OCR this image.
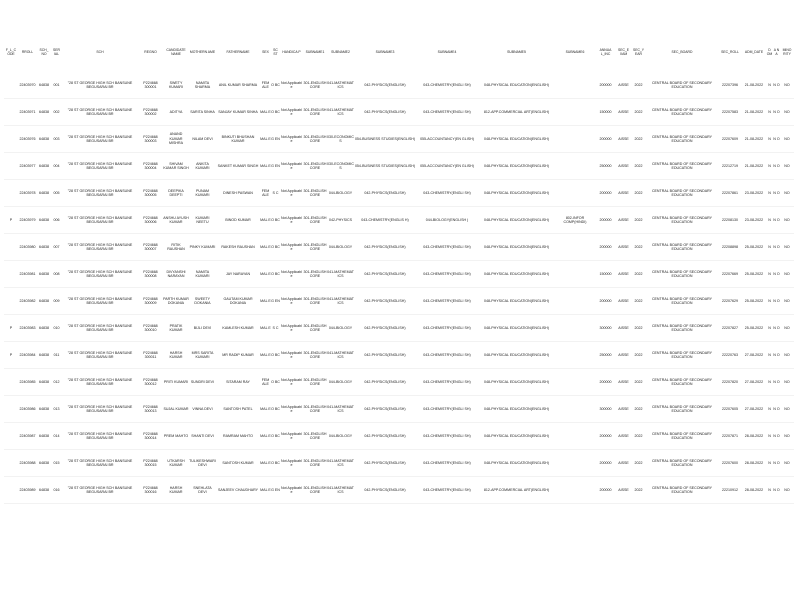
F_L_C ODE	RROLL	SCH_ NO	SER IAL	SCH	REGNO	CANDIDATE NAME	MOTHERN AME	FATHERNAME	SEX	SC ST	HANDICA P	SUBNAME1	SUBNAME2	SUBNAME3	SUBNAME4	SUBNAME5	SUBNAME6	ANNUA L_INC	SEC_E XAM	SEC_Y EAR	SEC_BOARD	SEC_ROLL	ADM_DATE	D OM	A N A	MINO RITY
	22403970	64838	001	"28 ST GEORGE HIGH SCH BANSUNE BEGUSARAI BR	P224668 300001	SWETY KUMARI	NAMITA SHARMA	ANIL KUMAR SHARMA	FEM ALE	O BC	Not Applicabl e	301-ENGLISH CORE	041-MATHEMAT ICS	042-PHYSICS(ENGLISH)	043-CHEMISTRY(ENGLI SH)	048-PHYSICAL EDUCATION(ENGLISH)		200000	AISSE	2022	CENTRAL BOARD OF SECONDARY EDUCATION	22207396	21-08-2022	N	N O	NO
	22403971	64838	002	"28 ST GEORGE HIGH SCH BANSUNE BEGUSARAI BR	P224668 300002	ADITYA	SARITA SINHA	SANJAY KUMAR SINHA	MAL E	O BC	Not Applicabl e	301-ENGLISH CORE	041-MATHEMAT ICS	042-PHYSICS(ENGLISH)	043-CHEMISTRY(ENGLI SH)	812-APP.COMMERCIAL ART(ENGLISH)		150000	AISSE	2022	CENTRAL BOARD OF SECONDARY EDUCATION	22207583	21-08-2022	N	N O	NO
	22403976	64838	003	"28 ST GEORGE HIGH SCH BANSUNE BEGUSARAI BR	P224668 300003	ANAND KUMAR MISHRA	NILAM DEVI	BINKUTI BHUSHAN KUMAR	MAL E	G EN	Not Applicabl e	301-ENGLISH CORE	030-ECONOMIC S	054-BUSINESS STUDIES(ENGLISH)	055-ACCOUNTANCY(EN GLISH)	048-PHYSICAL EDUCATION(ENGLISH)		200000	AISSE	2022	CENTRAL BOARD OF SECONDARY EDUCATION	22207609	21-08-2022	N	N O	NO
	22403977	64838	004	"28 ST GEORGE HIGH SCH BANSUNE BEGUSARAI BR	P224668 300004	SHIVAM KUMAR SINGH	ANKITA KUMARI	SANKET KUMAR SINGH	MAL E	G EN	Not Applicabl e	301-ENGLISH CORE	030-ECONOMIC S	054-BUSINESS STUDIES(ENGLISH)	055-ACCOUNTANCY(EN GLISH)	048-PHYSICAL EDUCATION(ENGLISH)		250000	AISSE	2022	CENTRAL BOARD OF SECONDARY EDUCATION	22212719	21-08-2022	N	N O	NO
	22403978	64838	005	"28 ST GEORGE HIGH SCH BANSUNE BEGUSARAI BR	P224668 300005	DEEPIKA DEEPTI	PUNAM KUMARI	DINESH PASWAN	FEM ALE	S C	Not Applicabl e	301-ENGLISH CORE	044-BIOLOGY	042-PHYSICS(ENGLISH)	043-CHEMISTRY(ENGLI SH)	048-PHYSICAL EDUCATION(ENGLISH)		200000	AISSE	2022	CENTRAL BOARD OF SECONDARY EDUCATION	22207861	23-08-2022	N	N O	NO
P	22403979	64838	006	"28 ST GEORGE HIGH SCH BANSUNE BEGUSARAI BR	P224668 300006	ANSHU AYUSH KUMAR	KUMARI NEETU	BINOD KUMAR	MAL E	O BC	Not Applicabl e	301-ENGLISH CORE	042-PHYSICS	043-CHEMISTRY(ENGLIS H)	044-BIOLOGY(ENGLISH )	048-PHYSICAL EDUCATION(ENGLISH)	802-INFOR COMP(HINDI)	200000	AISSE	2022	CENTRAL BOARD OF SECONDARY EDUCATION	22208130	23-08-2022	N	N O	NO
	22403980	64838	007	"28 ST GEORGE HIGH SCH BANSUNE BEGUSARAI BR	P224668 300007	RITIK RAUSHAN	PINKY KUMARI	RAKESH RAUSHAN	MAL E	O BC	Not Applicabl e	301-ENGLISH CORE	044-BIOLOGY	042-PHYSICS(ENGLISH)	043-CHEMISTRY(ENGLI SH)	048-PHYSICAL EDUCATION(ENGLISH)		200000	AISSE	2022	CENTRAL BOARD OF SECONDARY EDUCATION	22208898	25-08-2022	N	N O	NO
	22403981	64838	008	"28 ST GEORGE HIGH SCH BANSUNE BEGUSARAI BR	P224668 300008	DIVYANSHI NARAYAN	NAMITA KUMARI	JAY NARAYAN	MAL E	O BC	Not Applicabl e	301-ENGLISH CORE	041-MATHEMAT ICS	042-PHYSICS(ENGLISH)	043-CHEMISTRY(ENGLI SH)	048-PHYSICAL EDUCATION(ENGLISH)		150000	AISSE	2022	CENTRAL BOARD OF SECONDARY EDUCATION	22207669	25-08-2022	N	N O	NO
	22403982	64838	009	"28 ST GEORGE HIGH SCH BANSUNE BEGUSARAI BR	P224668 300009	PARTH KUMAR DOKANIA	SWEETY DOKANIA	GAUTAM KUMAR DOKANIA	MAL E	G EN	Not Applicabl e	301-ENGLISH CORE	041-MATHEMAT ICS	042-PHYSICS(ENGLISH)	043-CHEMISTRY(ENGLI SH)	048-PHYSICAL EDUCATION(ENGLISH)		200000	AISSE	2022	CENTRAL BOARD OF SECONDARY EDUCATION	22207629	25-08-2022	N	N O	NO
P	22403983	64838	010	"28 ST GEORGE HIGH SCH BANSUNE BEGUSARAI BR	P224668 300010	PRATIK KUMAR	BIJLI DEVI	KAMLESH KUMAR	MAL E	S C	Not Applicabl e	301-ENGLISH CORE	044-BIOLOGY	042-PHYSICS(ENGLISH)	043-CHEMISTRY(ENGLI SH)	048-PHYSICAL EDUCATION(ENGLISH)		300000	AISSE	2022	CENTRAL BOARD OF SECONDARY EDUCATION	22207827	25-08-2022	N	N O	NO
P	22403984	64838	011	"28 ST GEORGE HIGH SCH BANSUNE BEGUSARAI BR	P224668 300011	HARSH KUMAR	MRS SARITA KUMARI	MR RADIP KUMAR	MAL E	O BC	Not Applicabl e	301-ENGLISH CORE	041-MATHEMAT ICS	042-PHYSICS(ENGLISH)	043-CHEMISTRY(ENGLI SH)	048-PHYSICAL EDUCATION(ENGLISH)		250000	AISSE	2022	CENTRAL BOARD OF SECONDARY EDUCATION	22220763	27-08-2022	N	N O	NO
	22403985	64838	012	"28 ST GEORGE HIGH SCH BANSUNE BEGUSARAI BR	P224668 300012	PRITI KUMARI	SUNDRI DEVI	SITARAM RAY	FEM ALE	O BC	Not Applicabl e	301-ENGLISH CORE	044-BIOLOGY	042-PHYSICS(ENGLISH)	043-CHEMISTRY(ENGLI SH)	048-PHYSICAL EDUCATION(ENGLISH)		200000	AISSE	2022	CENTRAL BOARD OF SECONDARY EDUCATION	22207820	27-08-2022	N	N O	NO
	22403986	64838	013	"28 ST GEORGE HIGH SCH BANSUNE BEGUSARAI BR	P224668 300013	SUJAL KUMAR	VINNA DEVI	SANTOSH PATEL	MAL E	O BC	Not Applicabl e	301-ENGLISH CORE	041-MATHEMAT ICS	042-PHYSICS(ENGLISH)	043-CHEMISTRY(ENGLI SH)	048-PHYSICAL EDUCATION(ENGLISH)		300000	AISSE	2022	CENTRAL BOARD OF SECONDARY EDUCATION	22207605	27-08-2022	N	N O	NO
	22403987	64838	014	"28 ST GEORGE HIGH SCH BANSUNE BEGUSARAI BR	P224668 300014	PREM MAHTO	SHANTI DEVI	RAMRAM MAHTO	MAL E	O BC	Not Applicabl e	301-ENGLISH CORE	044-BIOLOGY	042-PHYSICS(ENGLISH)	043-CHEMISTRY(ENGLI SH)	048-PHYSICAL EDUCATION(ENGLISH)		200000	AISSE	2022	CENTRAL BOARD OF SECONDARY EDUCATION	22207871	28-08-2022	N	N O	NO
	22403988	64838	015	"28 ST GEORGE HIGH SCH BANSUNE BEGUSARAI BR	P224668 300015	UTKARSH KUMAR	TULIKESHWARI DEVI	SANTOSH KUMAR	MAL E	O BC	Not Applicabl e	301-ENGLISH CORE	041-MATHEMAT ICS	042-PHYSICS(ENGLISH)	043-CHEMISTRY(ENGLI SH)	048-PHYSICAL EDUCATION(ENGLISH)		200000	AISSE	2022	CENTRAL BOARD OF SECONDARY EDUCATION	22207600	28-08-2022	N	N O	NO
	22403989	64838	016	"28 ST GEORGE HIGH SCH BANSUNE BEGUSARAI BR	P224668 300016	HARSH KUMAR	SNEHLATA DEVI	SANJEEV CHAUDHARY	MAL E	G EN	Not Applicabl e	301-ENGLISH CORE	041-MATHEMAT ICS	042-PHYSICS(ENGLISH)	043-CHEMISTRY(ENGLI SH)	812-APP.COMMERCIAL ART(ENGLISH)		200000	AISSE	2022	CENTRAL BOARD OF SECONDARY EDUCATION	22210912	28-08-2022	N	N O	NO
